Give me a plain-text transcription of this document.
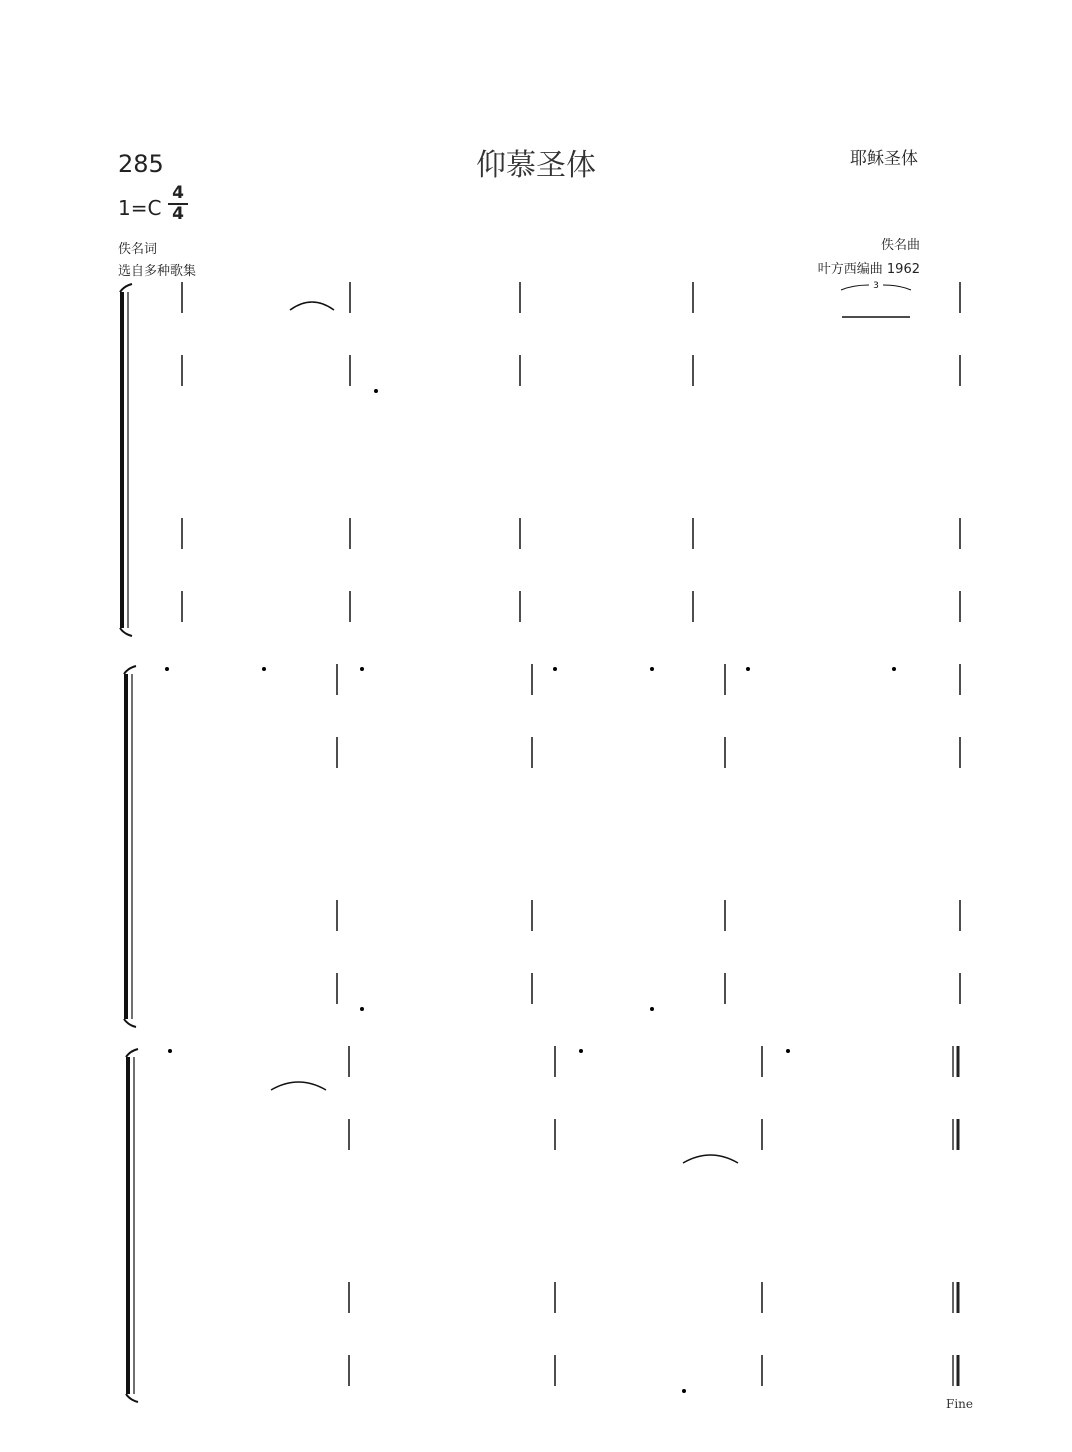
仰慕圣体
285	耶稣圣体
1=C
4
4
佚名词
选自多种歌集
佚名曲
叶方西编曲 1962
Fine
3
